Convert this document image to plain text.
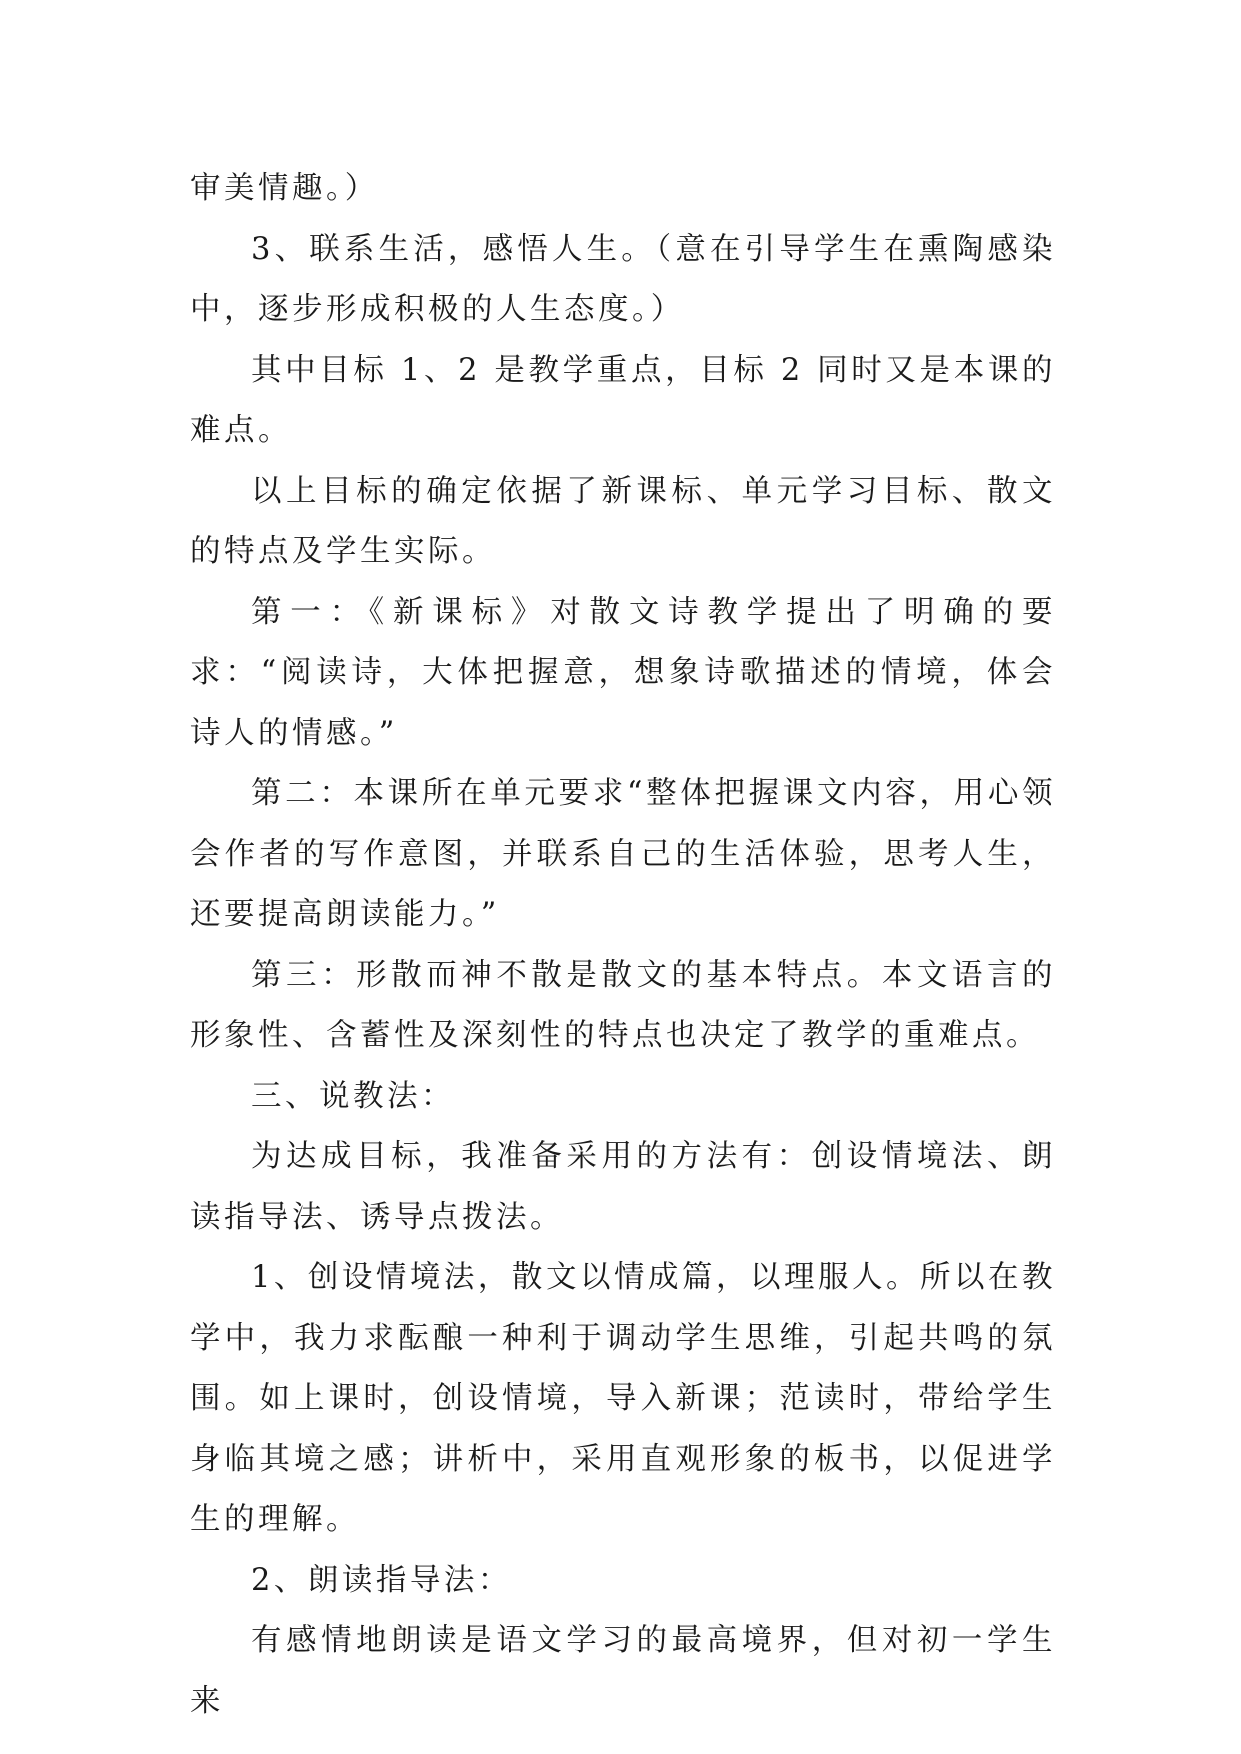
审美情趣。）

3、联系生活，感悟人生。（意在引导学生在熏陶感染中，逐步形成积极的人生态度。）

其中目标 1、2 是教学重点，目标 2 同时又是本课的难点。

以上目标的确定依据了新课标、单元学习目标、散文的特点及学生实际。

第一：《新课标》对散文诗教学提出了明确的要求：“阅读诗，大体把握意，想象诗歌描述的情境，体会诗人的情感。”

第二：本课所在单元要求“整体把握课文内容，用心领会作者的写作意图，并联系自己的生活体验，思考人生，还要提高朗读能力。”

第三：形散而神不散是散文的基本特点。本文语言的形象性、含蓄性及深刻性的特点也决定了教学的重难点。

三、说教法：

为达成目标，我准备采用的方法有：创设情境法、朗读指导法、诱导点拨法。

1、创设情境法，散文以情成篇，以理服人。所以在教学中，我力求酝酿一种利于调动学生思维，引起共鸣的氛围。如上课时，创设情境，导入新课；范读时，带给学生身临其境之感；讲析中，采用直观形象的板书，以促进学生的理解。

2、朗读指导法：

有感情地朗读是语文学习的最高境界，但对初一学生来
